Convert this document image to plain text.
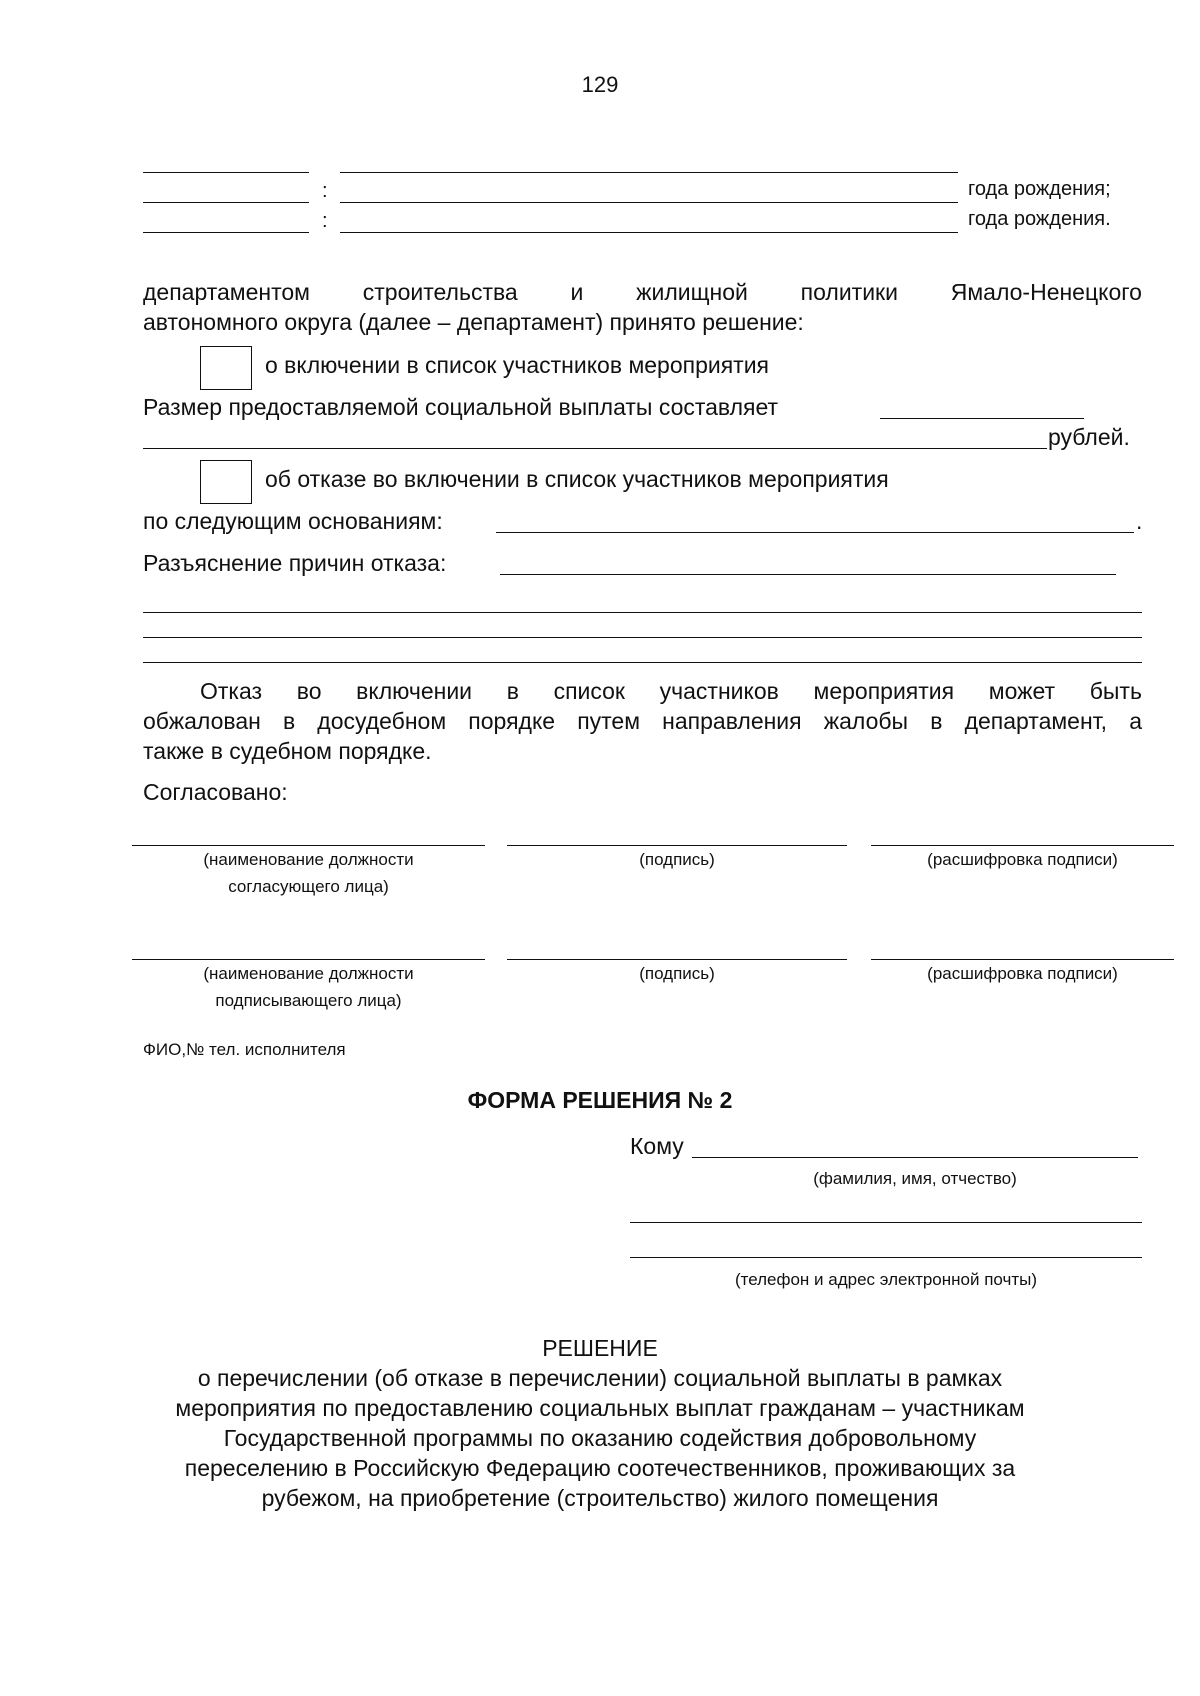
129
:	года рождения;
:	года рождения.
департаментом строительства и жилищной политики Ямало-Ненецкого
автономного округа (далее – департамент) принято решение:
о включении в список участников мероприятия
Размер предоставляемой социальной выплаты составляет
рублей.
об отказе во включении в список участников мероприятия
по следующим основаниям:	.
Разъяснение причин отказа:
Отказ во включении в список участников мероприятия может быть
обжалован в досудебном порядке путем направления жалобы в департамент, а
также в судебном порядке.
Согласовано:
(наименование должности
согласующего лица)
(подпись)	(расшифровка подписи)
(наименование должности
подписывающего лица)
(подпись)	(расшифровка подписи)
ФИО,№ тел. исполнителя
ФОРМА РЕШЕНИЯ № 2
Кому
(фамилия, имя, отчество)
(телефон и адрес электронной почты)
РЕШЕНИЕ
о перечислении (об отказе в перечислении) социальной выплаты в рамках
мероприятия по предоставлению социальных выплат гражданам – участникам
Государственной программы по оказанию содействия добровольному
переселению в Российскую Федерацию соотечественников, проживающих за
рубежом, на приобретение (строительство) жилого помещения
